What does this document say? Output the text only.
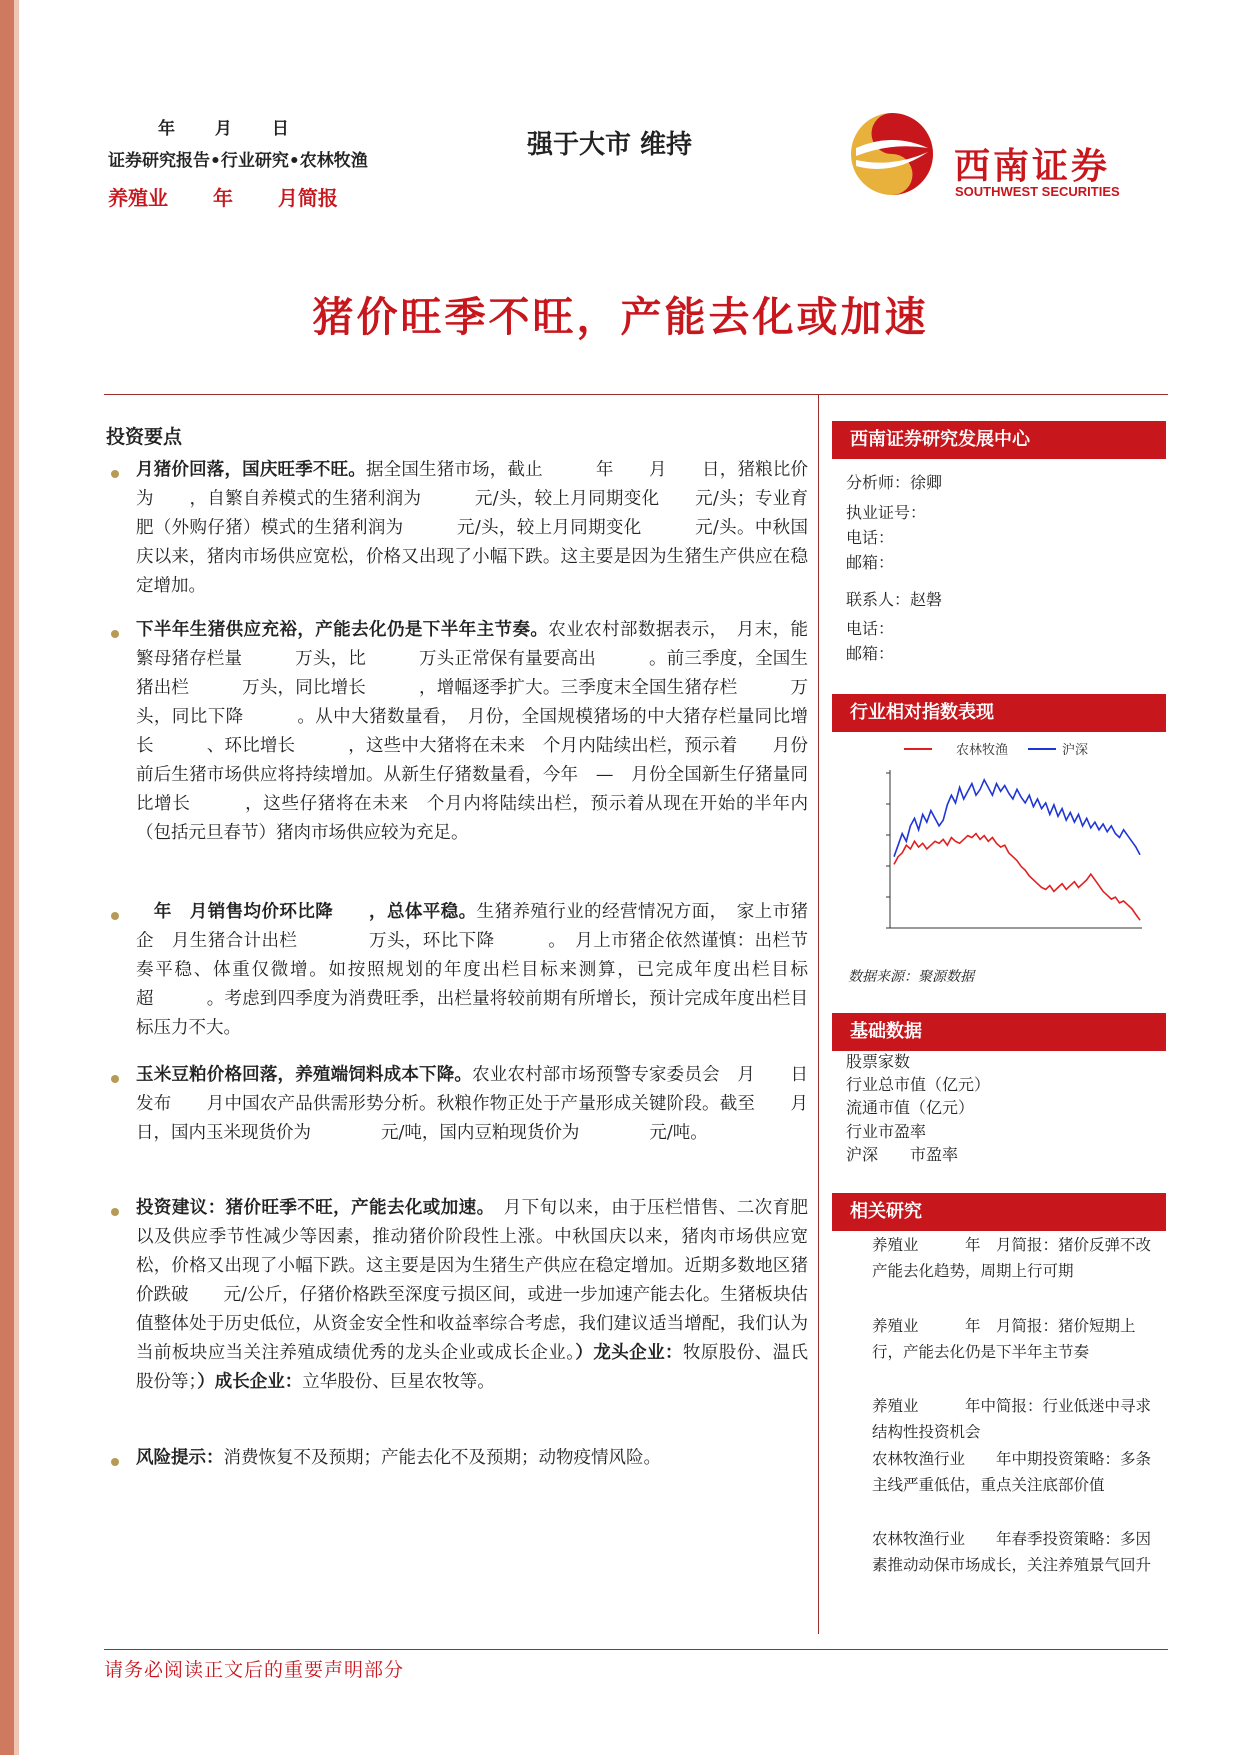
年 月 日
证券研究报告•行业研究•农林牧渔
养殖业 年 月简报
强于大市 维持	西南证券
SOUTHWEST SECURITIES
猪价旺季不旺，产能去化或加速
投资要点
月猪价回落，国庆旺季不旺。据全国生猪市场，截止　　　年　　月　　日，猪粮比价为　　，自繁自养模式的生猪利润为　　　元/头，较上月同期变化　　元/头；专业育肥（外购仔猪）模式的生猪利润为　　　元/头，较上月同期变化　　　元/头。中秋国庆以来，猪肉市场供应宽松，价格又出现了小幅下跌。这主要是因为生猪生产供应在稳定增加。
下半年生猪供应充裕，产能去化仍是下半年主节奏。农业农村部数据表示，　月末，能繁母猪存栏量　　　万头，比　　　万头正常保有量要高出　　　。前三季度，全国生猪出栏　　　万头，同比增长　　　，增幅逐季扩大。三季度末全国生猪存栏　　　万头，同比下降　　　。从中大猪数量看，　月份，全国规模猪场的中大猪存栏量同比增长　　　、环比增长　　　，这些中大猪将在未来　个月内陆续出栏，预示着　　月份前后生猪市场供应将持续增加。从新生仔猪数量看，今年　—　月份全国新生仔猪量同比增长　　　，这些仔猪将在未来　个月内将陆续出栏，预示着从现在开始的半年内（包括元旦春节）猪肉市场供应较为充足。
　年　月销售均价环比降　　，总体平稳。生猪养殖行业的经营情况方面，　家上市猪企　月生猪合计出栏　　　　万头，环比下降　　　。　月上市猪企依然谨慎：出栏节奏平稳、体重仅微增。如按照规划的年度出栏目标来测算，已完成年度出栏目标超　　　。考虑到四季度为消费旺季，出栏量将较前期有所增长，预计完成年度出栏目标压力不大。
玉米豆粕价格回落，养殖端饲料成本下降。农业农村部市场预警专家委员会　月　　日发布　　月中国农产品供需形势分析。秋粮作物正处于产量形成关键阶段。截至　　月　　日，国内玉米现货价为　　　　元/吨，国内豆粕现货价为　　　　元/吨。
投资建议：猪价旺季不旺，产能去化或加速。　月下旬以来，由于压栏惜售、二次育肥以及供应季节性减少等因素，推动猪价阶段性上涨。中秋国庆以来，猪肉市场供应宽松，价格又出现了小幅下跌。这主要是因为生猪生产供应在稳定增加。近期多数地区猪价跌破　　元/公斤，仔猪价格跌至深度亏损区间，或进一步加速产能去化。生猪板块估值整体处于历史低位，从资金安全性和收益率综合考虑，我们建议适当增配，我们认为当前板块应当关注养殖成绩优秀的龙头企业或成长企业。）龙头企业：牧原股份、温氏股份等；）成长企业：立华股份、巨星农牧等。
风险提示：消费恢复不及预期；产能去化不及预期；动物疫情风险。
西南证券研究发展中心
分析师：徐卿
执业证号：
电话：
邮箱：
联系人：赵磐
电话：
邮箱：
行业相对指数表现
农林牧渔	沪深
数据来源：聚源数据
基础数据
股票家数
行业总市值（亿元）
流通市值（亿元）
行业市盈率
沪深　　市盈率
相关研究
养殖业　　　年　月简报：猪价反弹不改产能去化趋势，周期上行可期
养殖业　　　年　月简报：猪价短期上行，产能去化仍是下半年主节奏
养殖业　　　年中简报：行业低迷中寻求结构性投资机会
农林牧渔行业　　年中期投资策略：多条主线严重低估，重点关注底部价值
农林牧渔行业　　年春季投资策略：多因素推动动保市场成长，关注养殖景气回升
请务必阅读正文后的重要声明部分
